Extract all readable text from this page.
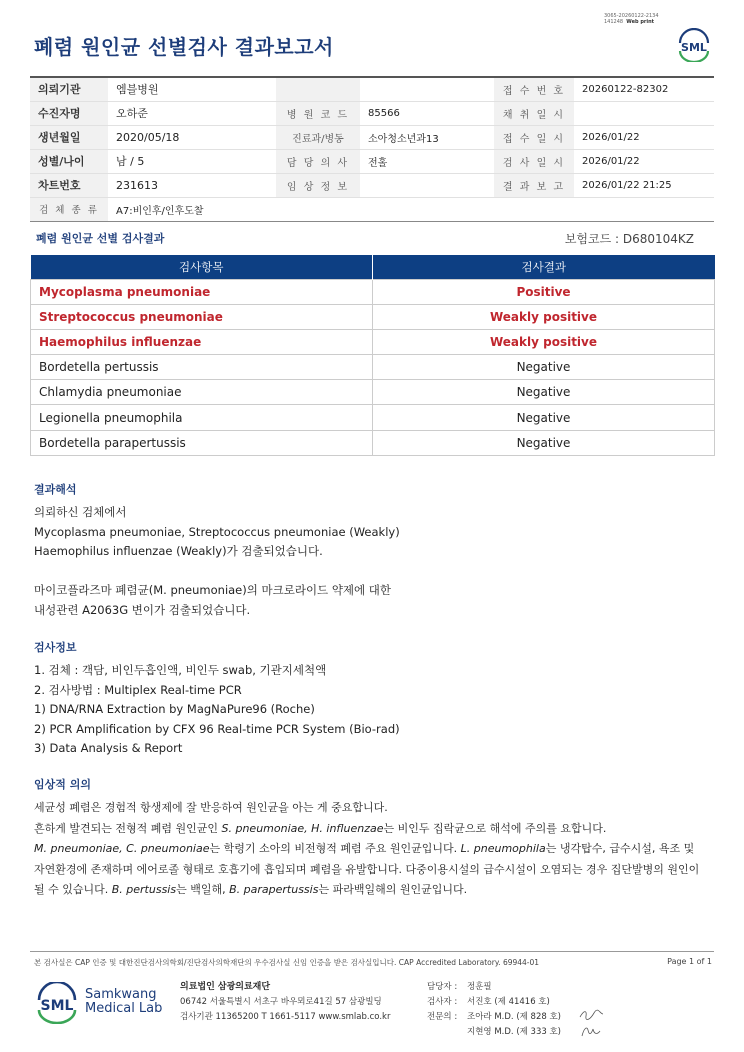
3065-20260122-2134
141248 Web print
폐렴 원인균 선별검사 결과보고서	SML
의뢰기관	엠블병원			접 수 번 호	20260122-82302
수진자명	오하준	병 원 코 드	85566	채 취 일 시	
생년월일	2020/05/18	진료과/병동	소아청소년과13	접 수 일 시	2026/01/22
성별/나이	남 / 5	담 당 의 사	전홀	검 사 일 시	2026/01/22
차트번호	231613	임 상 정 보		결 과 보 고	2026/01/22 21:25
검 체 종 류	A7:비인후/인후도찰				
폐렴 원인균 선별 검사결과	보험코드 : D680104KZ
검사항목	검사결과
Mycoplasma pneumoniae	Positive
Streptococcus pneumoniae	Weakly positive
Haemophilus influenzae	Weakly positive
Bordetella pertussis	Negative
Chlamydia pneumoniae	Negative
Legionella pneumophila	Negative
Bordetella parapertussis	Negative
결과해석

의뢰하신 검체에서

Mycoplasma pneumoniae, Streptococcus pneumoniae (Weakly)

Haemophilus influenzae (Weakly)가 검출되었습니다.

마이코플라즈마 폐렴균(M. pneumoniae)의 마크로라이드 약제에 대한

내성관련 A2063G 변이가 검출되었습니다.

검사정보

1. 검체 : 객담, 비인두흡인액, 비인두 swab, 기관지세척액

2. 검사방법 : Multiplex Real-time PCR

1) DNA/RNA Extraction by MagNaPure96 (Roche)

2) PCR Amplification by CFX 96 Real-time PCR System (Bio-rad)

3) Data Analysis & Report

임상적 의의

세균성 폐렴은 경험적 항생제에 잘 반응하여 원인균을 아는 게 중요합니다.

흔하게 발견되는 전형적 폐렴 원인균인 S. pneumoniae, H. influenzae는 비인두 집락균으로 해석에 주의를 요합니다.

M. pneumoniae, C. pneumoniae는 학령기 소아의 비전형적 폐렴 주요 원인균입니다. L. pneumophila는 냉각탑수, 급수시설, 욕조 및

자연환경에 존재하며 에어로졸 형태로 호흡기에 흡입되며 폐렴을 유발합니다. 다중이용시설의 급수시설이 오염되는 경우 집단발병의 원인이

될 수 있습니다. B. pertussis는 백일해, B. parapertussis는 파라백일해의 원인균입니다.

본 검사실은 CAP 인증 및 대한진단검사의학회/진단검사의학재단의 우수검사실 신임 인증을 받은 검사실입니다. CAP Accredited Laboratory. 69944-01	Page 1 of 1
SML
Samkwang
Medical Lab
의료법인 삼광의료재단
06742 서울특별시 서초구 바우뫼로41길 57 삼광빌딩
검사기관 11365200 T 1661-5117 www.smlab.co.kr
담당자 :	정훈필
검사자 :	서진호 (제 41416 호)
전문의 :	조아라 M.D. (제 828 호)
지현영 M.D. (제 333 호)
